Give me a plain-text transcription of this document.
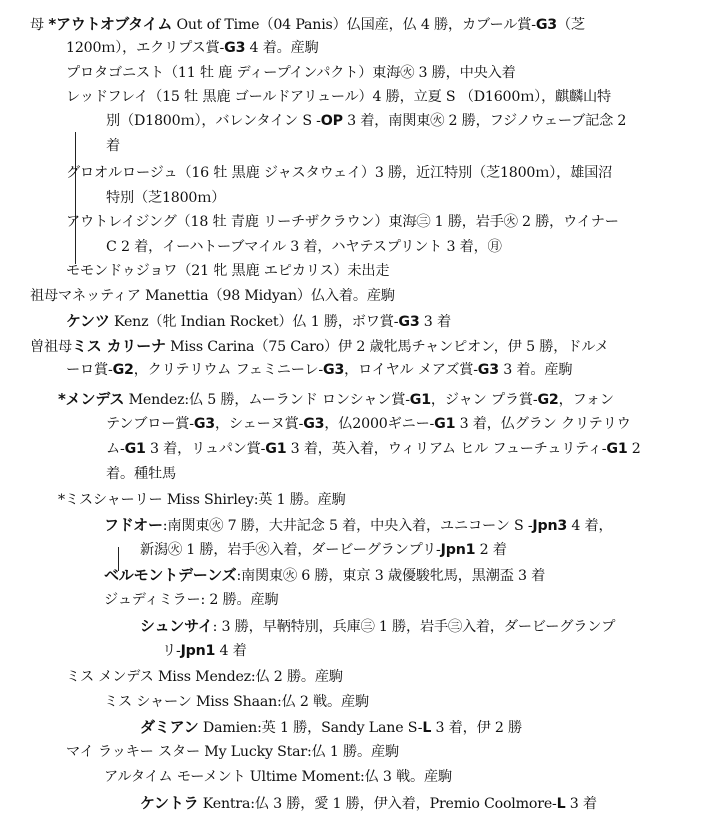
母 *アウトオブタイム Out of Time（04 Panis）仏国産，仏 4 勝，カブール賞-G3（芝
1200ｍ），エクリプス賞-G3 4 着。産駒
プロタゴニスト（11 牡 鹿 ディープインパクト）東海㊋ 3 勝，中央入着
レッドフレイ（15 牡 黒鹿 ゴールドアリュール）4 勝，立夏 S （D1600ｍ），麒麟山特
別（D1800ｍ），バレンタイン S -OP 3 着，南関東㊋ 2 勝，フジノウェーブ記念 2
着
グロオルロージュ（16 牡 黒鹿 ジャスタウェイ）3 勝，近江特別（芝1800ｍ），雄国沼
特別（芝1800ｍ）
アウトレイジング（18 牡 青鹿 リーチザクラウン）東海㊂ 1 勝，岩手㊋ 2 勝，ウイナー
C 2 着，イーハトーブマイル 3 着，ハヤテスプリント 3 着，㊊
モモンドゥジョワ（21 牝 黒鹿 エピカリス）未出走
祖母マネッティア Manettia（98 Midyan）仏入着。産駒
ケンツ Kenz（牝 Indian Rocket）仏 1 勝，ボワ賞-G3 3 着
曽祖母ミス カリーナ Miss Carina（75 Caro）伊 2 歳牝馬チャンピオン，伊 5 勝，ドルメ
ーロ賞-G2，クリテリウム フェミニーレ-G3，ロイヤル メアズ賞-G3 3 着。産駒
*メンデス Mendez:仏 5 勝，ムーランド ロンシャン賞-G1，ジャン プラ賞-G2，フォン
テンブロー賞-G3，シェーヌ賞-G3，仏2000ギニー-G1 3 着，仏グラン クリテリウ
ム-G1 3 着，リュパン賞-G1 3 着，英入着，ウィリアム ヒル フューチュリティ-G1 2
着。種牡馬
*ミスシャーリー Miss Shirley:英 1 勝。産駒
フドオー:南関東㊋ 7 勝，大井記念 5 着，中央入着，ユニコーン S -Jpn3 4 着，
新潟㊋ 1 勝，岩手㊋入着，ダービーグランプリ-Jpn1 2 着
ベルモントデーンズ:南関東㊋ 6 勝，東京 3 歳優駿牝馬，黒潮盃 3 着
ジュディミラー: 2 勝。産駒
シュンサイ: 3 勝，早鞆特別，兵庫㊂ 1 勝，岩手㊂入着，ダービーグランプ
リ-Jpn1 4 着
ミス メンデス Miss Mendez:仏 2 勝。産駒
ミス シャーン Miss Shaan:仏 2 戦。産駒
ダミアン Damien:英 1 勝，Sandy Lane S-L 3 着，伊 2 勝
マイ ラッキー スター My Lucky Star:仏 1 勝。産駒
アルタイム モーメント Ultime Moment:仏 3 戦。産駒
ケントラ Kentra:仏 3 勝，愛 1 勝，伊入着，Premio Coolmore-L 3 着
